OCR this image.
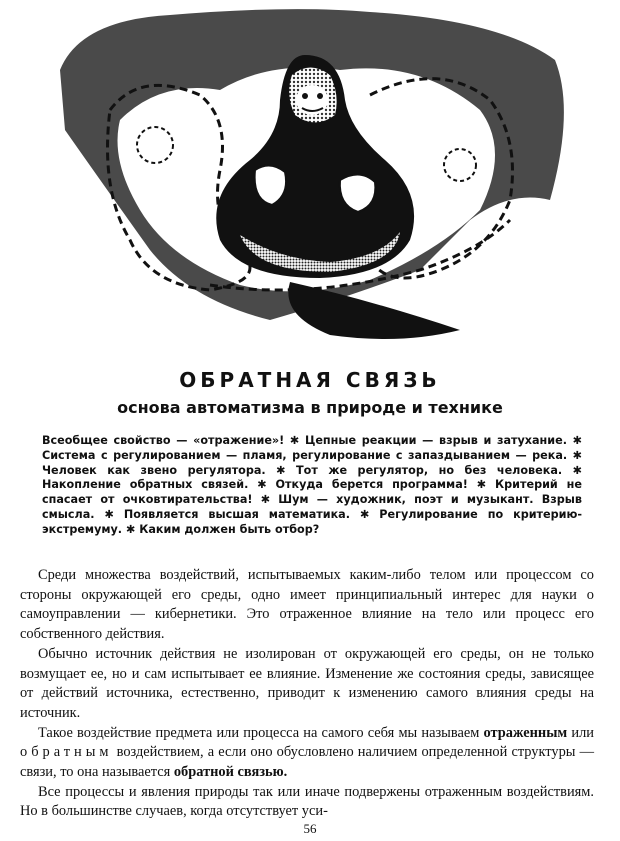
ОБРАТНАЯ СВЯЗЬ
основа автоматизма в природе и технике

Всеобщее свойство — «отражение»! ✱ Цепные реакции — взрыв и затухание. ✱ Система с регулированием — пламя, регулирование с запаздыванием — река. ✱ Человек как звено регулятора. ✱ Тот же регулятор, но без человека. ✱ Накопление обратных связей. ✱ Откуда берется программа! ✱ Критерий не спасает от очковтирательства! ✱ Шум — художник, поэт и музыкант. Взрыв смысла. ✱ Появляется высшая математика. ✱ Регулирование по критерию-экстремуму. ✱ Каким должен быть отбор?

Среди множества воздействий, испытываемых каким-либо телом или процессом со стороны окружающей его среды, одно имеет принципиальный интерес для науки о самоуправлении — кибернетики. Это отраженное влияние на тело или процесс его собственного действия.

Обычно источник действия не изолирован от окружающей его среды, он не только возмущает ее, но и сам испытывает ее влияние. Изменение же состояния среды, зависящее от действий источника, естественно, приводит к изменению самого влияния среды на источник.

Такое воздействие предмета или процесса на самого себя мы называем отраженным или обратным воздействием, а если оно обусловлено наличием определенной структуры — связи, то она называется обратной связью.

Все процессы и явления природы так или иначе подвержены отраженным воздействиям. Но в большинстве случаев, когда отсутствует уси-

56
